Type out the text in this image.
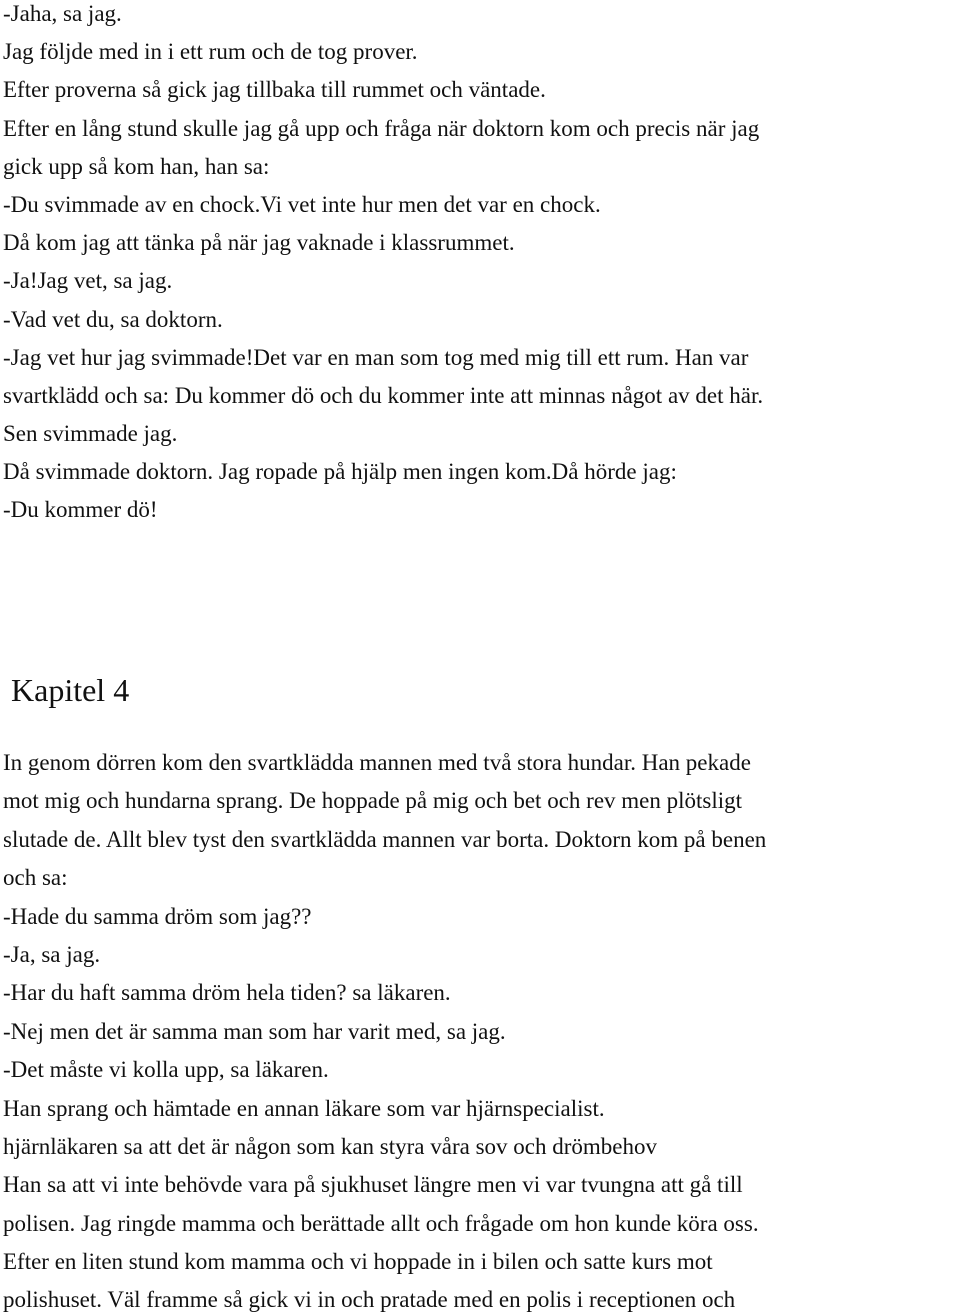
-Jaha, sa jag.
Jag följde med in i ett rum och de tog prover.
Efter proverna så gick jag tillbaka till rummet och väntade.
Efter en lång stund skulle jag gå upp och fråga när doktorn kom och precis när jag
gick upp så kom han, han sa:
-Du svimmade av en chock.Vi vet inte hur men det var en chock.
Då kom jag att tänka på när jag vaknade i klassrummet.
-Ja!Jag vet, sa jag.
-Vad vet du, sa doktorn.
-Jag vet hur jag svimmade!Det var en man som tog med mig till ett rum. Han var
svartklädd och sa: Du kommer dö och du kommer inte att minnas något av det här.
Sen svimmade jag.
Då svimmade doktorn. Jag ropade på hjälp men ingen kom.Då hörde jag:
-Du kommer dö!
Kapitel 4
In genom dörren kom den svartklädda mannen med två stora hundar. Han pekade
mot mig och hundarna sprang. De hoppade på mig och bet och rev men plötsligt
slutade de. Allt blev tyst den svartklädda mannen var borta. Doktorn kom på benen
och sa:
-Hade du samma dröm som jag??
-Ja, sa jag.
-Har du haft samma dröm hela tiden? sa läkaren.
-Nej men det är samma man som har varit med, sa jag.
-Det måste vi kolla upp, sa läkaren.
Han sprang och hämtade en annan läkare som var hjärnspecialist.
hjärnläkaren sa att det är någon som kan styra våra sov och drömbehov
Han sa att vi inte behövde vara på sjukhuset längre men vi var tvungna att gå till
polisen. Jag ringde mamma och berättade allt och frågade om hon kunde köra oss.
Efter en liten stund kom mamma och vi hoppade in i bilen och satte kurs mot
polishuset. Väl framme så gick vi in och pratade med en polis i receptionen och
